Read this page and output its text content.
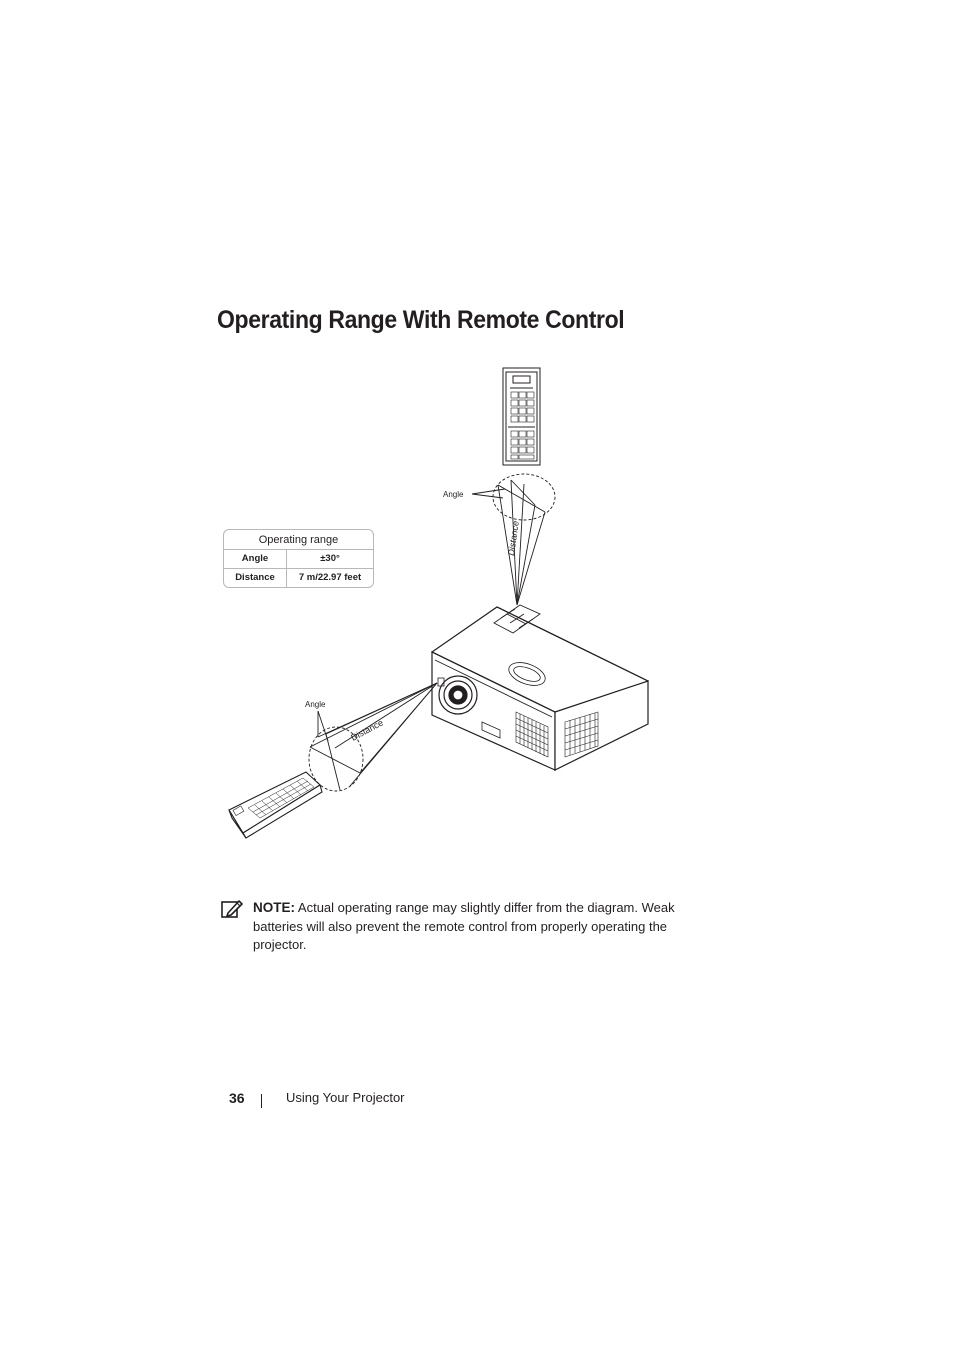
Operating Range With Remote Control
Angle
Distance
Angle
Distance
Operating range
Angle	±30°
Distance	7 m/22.97 feet

NOTE: Actual operating range may slightly differ from the diagram. Weak batteries will also prevent the remote control from properly operating the projector.

36	Using Your Projector
